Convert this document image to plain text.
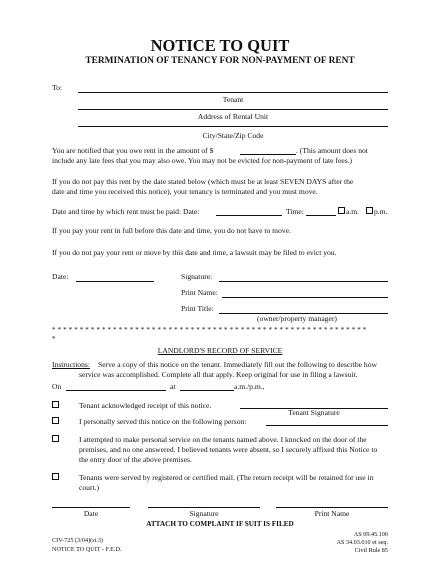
NOTICE TO QUIT
TERMINATION OF TENANCY FOR NON-PAYMENT OF RENT
To:
Tenant
Address of Rental Unit
City/State/Zip Code
You are notified that you owe rent in the amount of $	. (This amount does not
include any late fees that you may also owe. You may not be evicted for non-payment of late fees.)
If you do not pay this rent by the date stated below (which must be at least SEVEN DAYS after the
date and time you received this notice), your tenancy is terminated and you must move.
Date and time by which rent must be paid: Date:	Time:	a.m. p.m.
If you pay your rent in full before this date and time, you do not have to move.
If you do not pay your rent or move by this date and time, a lawsuit may be filed to evict you.
Date:	Signature:
Print Name:
Print Title:
(owner/property manager)
* * * * * * * * * * * * * * * * * * * * * * * * * * * * * * * * * * * * * * * * * * * * * * * * * * * * * * * * *
*
LANDLORD'S RECORD OF SERVICE
Instructions: Serve a copy of this notice on the tenant. Immediately fill out the following to describe how
service was accomplished. Complete all that apply. Keep original for use in filing a lawsuit.
On	at	a.m./p.m.,
Tenant acknowledged receipt of this notice.
Tenant Signature
I personally served this notice on the following person:
I attempted to make personal service on the tenants named above. I knocked on the door of the
premises, and no one answered. I believed tenants were absent, so I securely affixed this Notice to
the entry door of the above premises.
Tenants were served by registered or certified mail. (The return receipt will be retained for use in
court.)
Date	Signature	Print Name
ATTACH TO COMPLAINT IF SUIT IS FILED
CIV-725 (3/04)(st.3)
NOTICE TO QUIT - F.E.D.
AS 09.45.100
AS 34.03.010 et seq.
Civil Rule 85
